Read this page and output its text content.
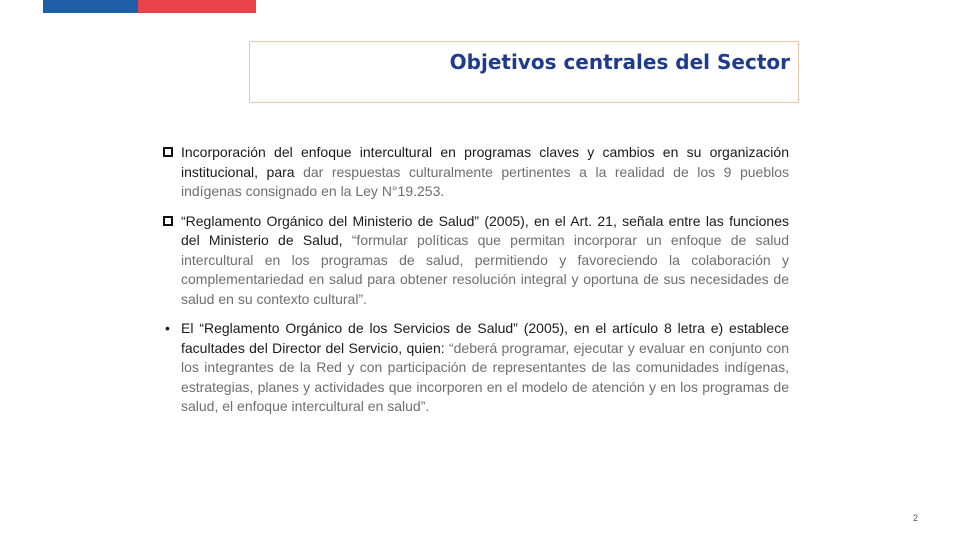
Objetivos centrales del Sector
Incorporación del enfoque intercultural en programas claves y cambios en su organización institucional, para dar respuestas culturalmente pertinentes a la realidad de los 9 pueblos indígenas consignado en la Ley N°19.253.
“Reglamento Orgánico del Ministerio de Salud” (2005), en el Art. 21, señala entre las funciones del Ministerio de Salud, “formular políticas que permitan incorporar un enfoque de salud intercultural en los programas de salud, permitiendo y favoreciendo la colaboración y complementariedad en salud para obtener resolución integral y oportuna de sus necesidades de salud en su contexto cultural”.
• El “Reglamento Orgánico de los Servicios de Salud” (2005), en el artículo 8 letra e) establece facultades del Director del Servicio, quien: “deberá programar, ejecutar y evaluar en conjunto con los integrantes de la Red y con participación de representantes de las comunidades indígenas, estrategias, planes y actividades que incorporen en el modelo de atención y en los programas de salud, el enfoque intercultural en salud”.
2
